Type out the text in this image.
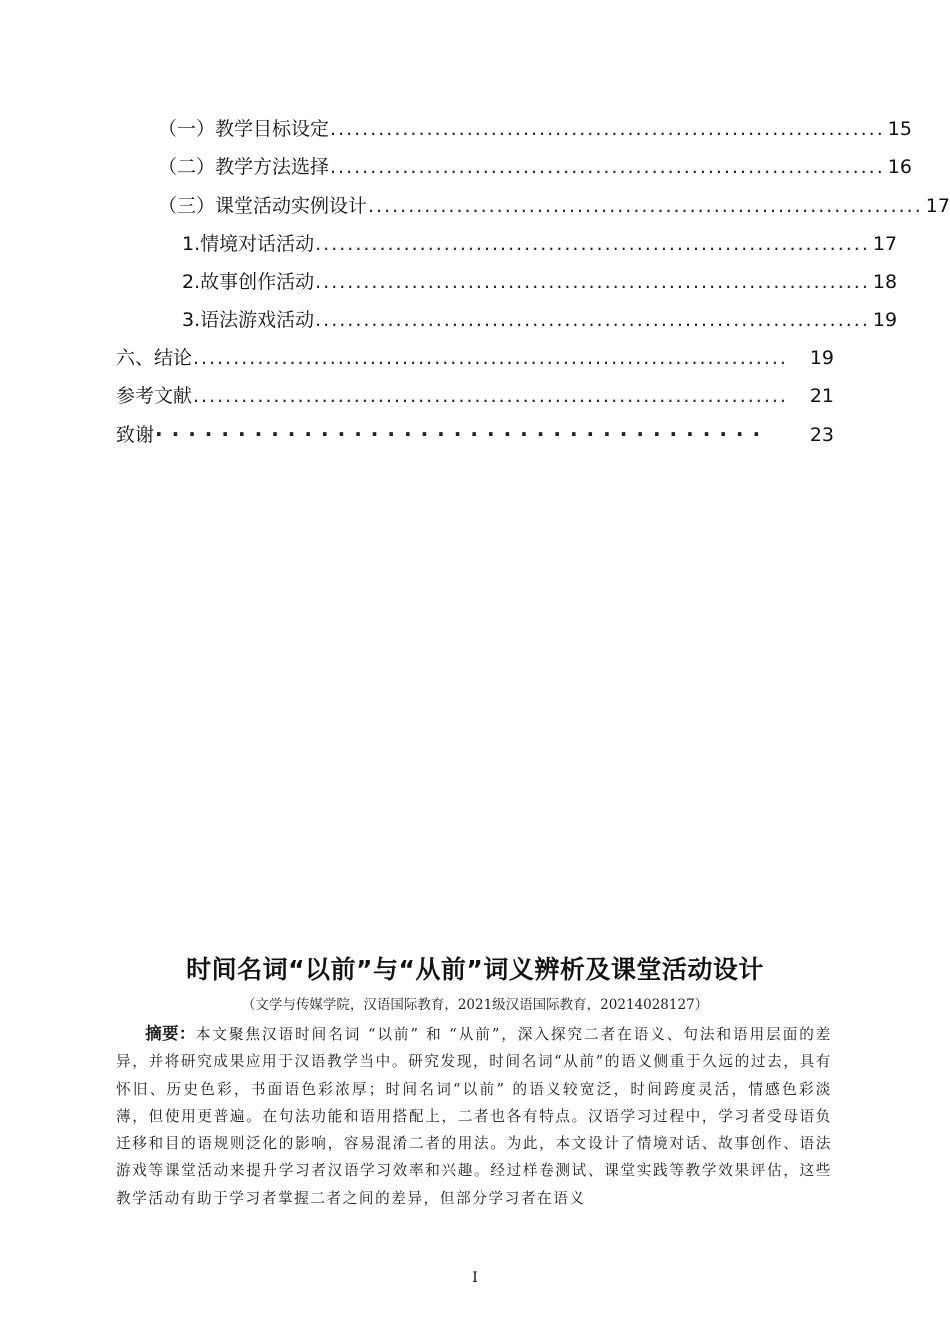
（一）教学目标设定 ..................................................................... 15
（二）教学方法选择 ..................................................................... 16
（三）课堂活动实例设计 ..................................................................... 17
1.情境对话活动 ..................................................................... 17
2.故事创作活动 ..................................................................... 18
3.语法游戏活动 ..................................................................... 19
六、结论 ..........................................................................	19
参考文献 ..........................................................................	21
致谢 ·····································	23
时间名词“以前”与“从前”词义辨析及课堂活动设计
（文学与传媒学院，汉语国际教育，2021级汉语国际教育，20214028127）

摘要：本文聚焦汉语时间名词 “以前” 和 “从前”，深入探究二者在语义、句法和语用层面的差异，并将研究成果应用于汉语教学当中。研究发现，时间名词“从前”的语义侧重于久远的过去，具有怀旧、历史色彩，书面语色彩浓厚；时间名词“以前” 的语义较宽泛，时间跨度灵活，情感色彩淡薄，但使用更普遍。在句法功能和语用搭配上，二者也各有特点。汉语学习过程中，学习者受母语负迁移和目的语规则泛化的影响，容易混淆二者的用法。为此，本文设计了情境对话、故事创作、语法游戏等课堂活动来提升学习者汉语学习效率和兴趣。经过样卷测试、课堂实践等教学效果评估，这些教学活动有助于学习者掌握二者之间的差异，但部分学习者在语义

I
